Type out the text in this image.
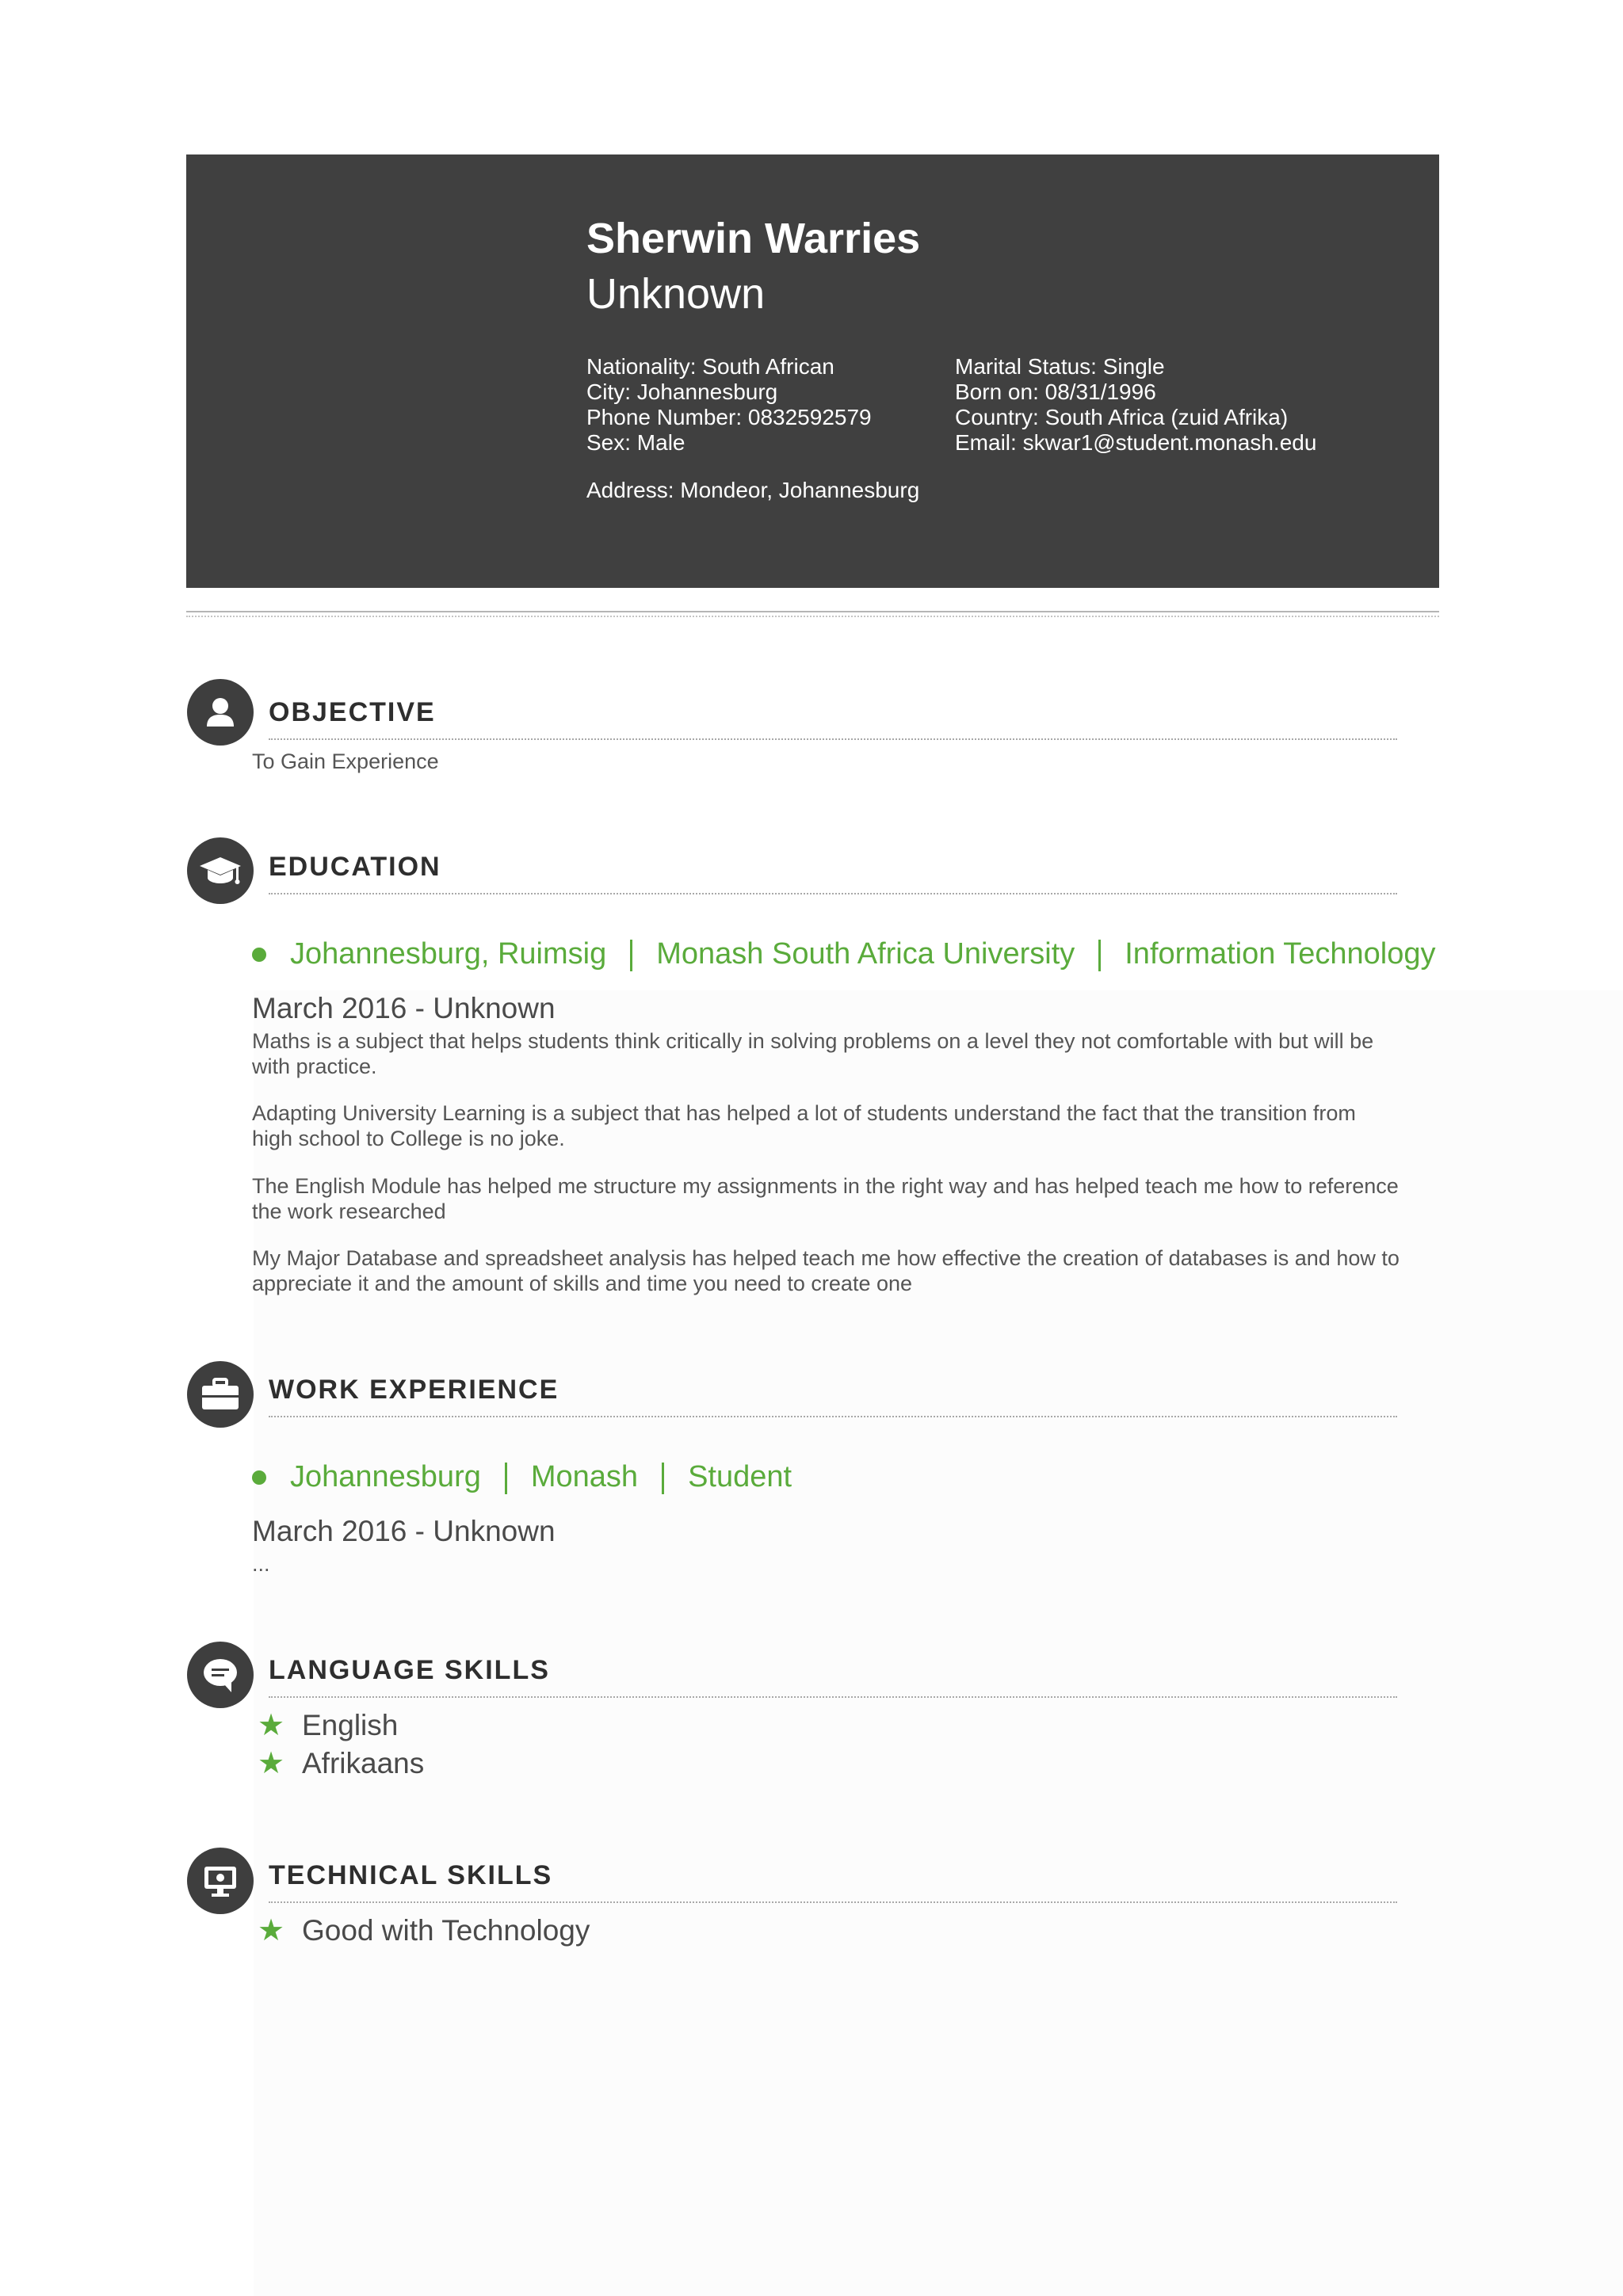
Sherwin Warries
Unknown
Nationality: South African
City: Johannesburg
Phone Number: 0832592579
Sex: Male
Marital Status: Single
Born on: 08/31/1996
Country: South Africa (zuid Afrika)
Email: skwar1@student.monash.edu
Address: Mondeor, Johannesburg
OBJECTIVE
To Gain Experience
EDUCATION
Johannesburg, Ruimsig Monash South Africa University Information Technology
March 2016 - Unknown
Maths is a subject that helps students think critically in solving problems on a level they not comfortable with but will be with practice.
Adapting University Learning is a subject that has helped a lot of students understand the fact that the transition from high school to College is no joke.
The English Module has helped me structure my assignments in the right way and has helped teach me how to reference the work researched
My Major Database and spreadsheet analysis has helped teach me how effective the creation of databases is and how to appreciate it and the amount of skills and time you need to create one
WORK EXPERIENCE
Johannesburg Monash Student
March 2016 - Unknown
...
LANGUAGE SKILLS
★ English
★ Afrikaans
TECHNICAL SKILLS
★ Good with Technology
